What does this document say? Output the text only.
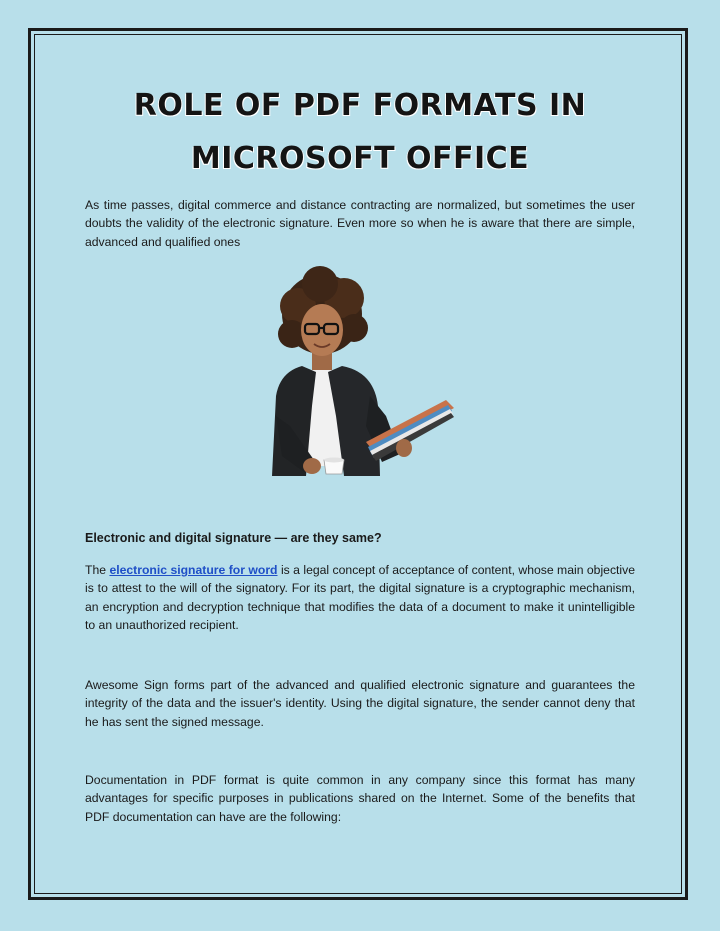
ROLE OF PDF FORMATS IN
MICROSOFT OFFICE

As time passes, digital commerce and distance contracting are normalized, but sometimes the user doubts the validity of the electronic signature. Even more so when he is aware that there are simple, advanced and qualified ones

Electronic and digital signature — are they same?

The electronic signature for word is a legal concept of acceptance of content, whose main objective is to attest to the will of the signatory. For its part, the digital signature is a cryptographic mechanism, an encryption and decryption technique that modifies the data of a document to make it unintelligible to an unauthorized recipient.

Awesome Sign forms part of the advanced and qualified electronic signature and guarantees the integrity of the data and the issuer's identity. Using the digital signature, the sender cannot deny that he has sent the signed message.

Documentation in PDF format is quite common in any company since this format has many advantages for specific purposes in publications shared on the Internet. Some of the benefits that PDF documentation can have are the following:
